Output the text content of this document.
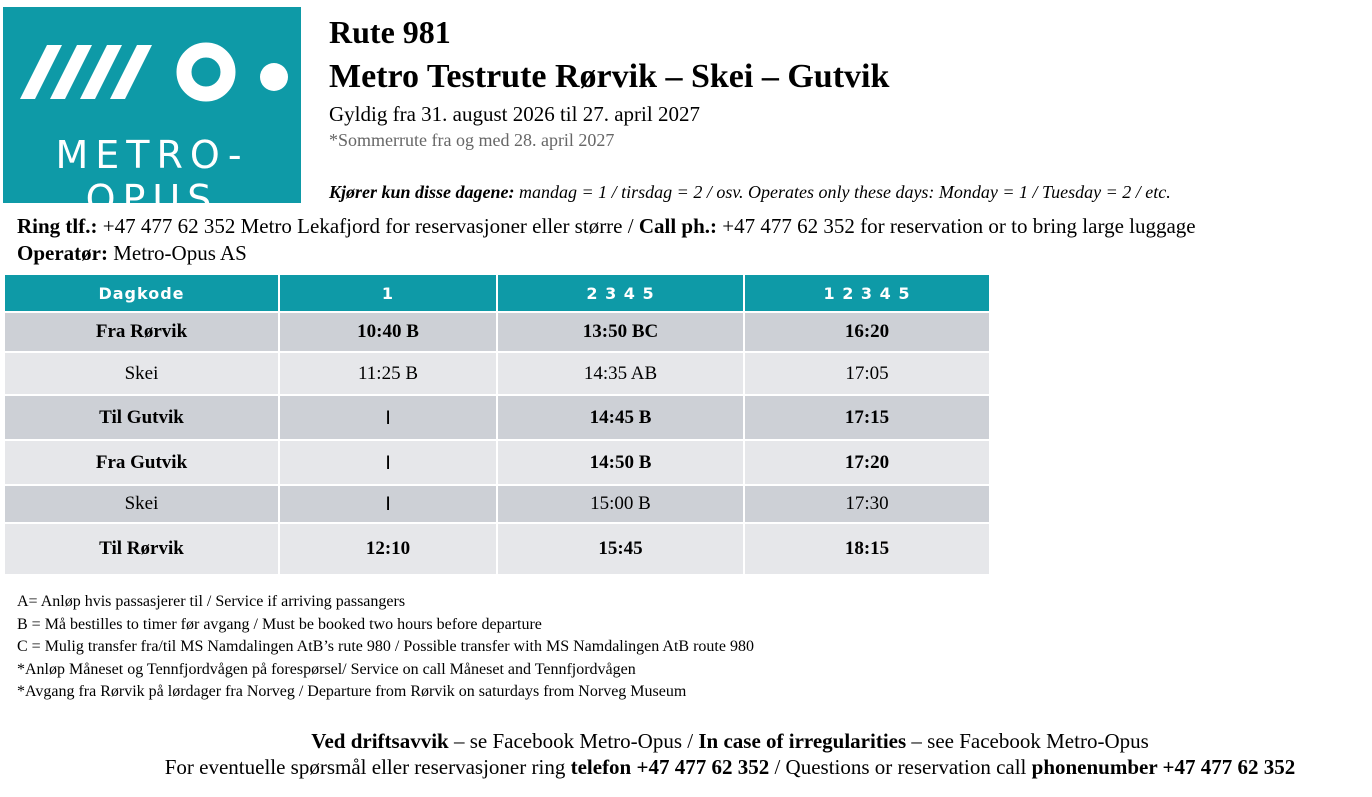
METRO-OPUS
Rute 981
Metro Testrute Rørvik – Skei – Gutvik
Gyldig fra 31. august 2026 til 27. april 2027
*Sommerrute fra og med 28. april 2027
Kjører kun disse dagene: mandag = 1 / tirsdag = 2 / osv. Operates only these days: Monday = 1 / Tuesday = 2 / etc.
Ring tlf.: +47 477 62 352 Metro Lekafjord for reservasjoner eller større / Call ph.: +47 477 62 352 for reservation or to bring large luggage
Operatør: Metro-Opus AS
Dagkode	1	2 3 4 5	1 2 3 4 5
Fra Rørvik	10:40 B	13:50 BC	16:20
Skei	11:25 B	14:35 AB	17:05
Til Gutvik	I	14:45 B	17:15
Fra Gutvik	I	14:50 B	17:20
Skei	I	15:00 B	17:30
Til Rørvik	12:10	15:45	18:15
A= Anløp hvis passasjerer til / Service if arriving passangers
B = Må bestilles to timer før avgang / Must be booked two hours before departure
C = Mulig transfer fra/til MS Namdalingen AtB’s rute 980 / Possible transfer with MS Namdalingen AtB route 980
*Anløp Måneset og Tennfjordvågen på forespørsel/ Service on call Måneset and Tennfjordvågen
*Avgang fra Rørvik på lørdager fra Norveg / Departure from Rørvik on saturdays from Norveg Museum
Ved driftsavvik – se Facebook Metro-Opus / In case of irregularities – see Facebook Metro-Opus
For eventuelle spørsmål eller reservasjoner ring telefon +47 477 62 352 / Questions or reservation call phonenumber +47 477 62 352
